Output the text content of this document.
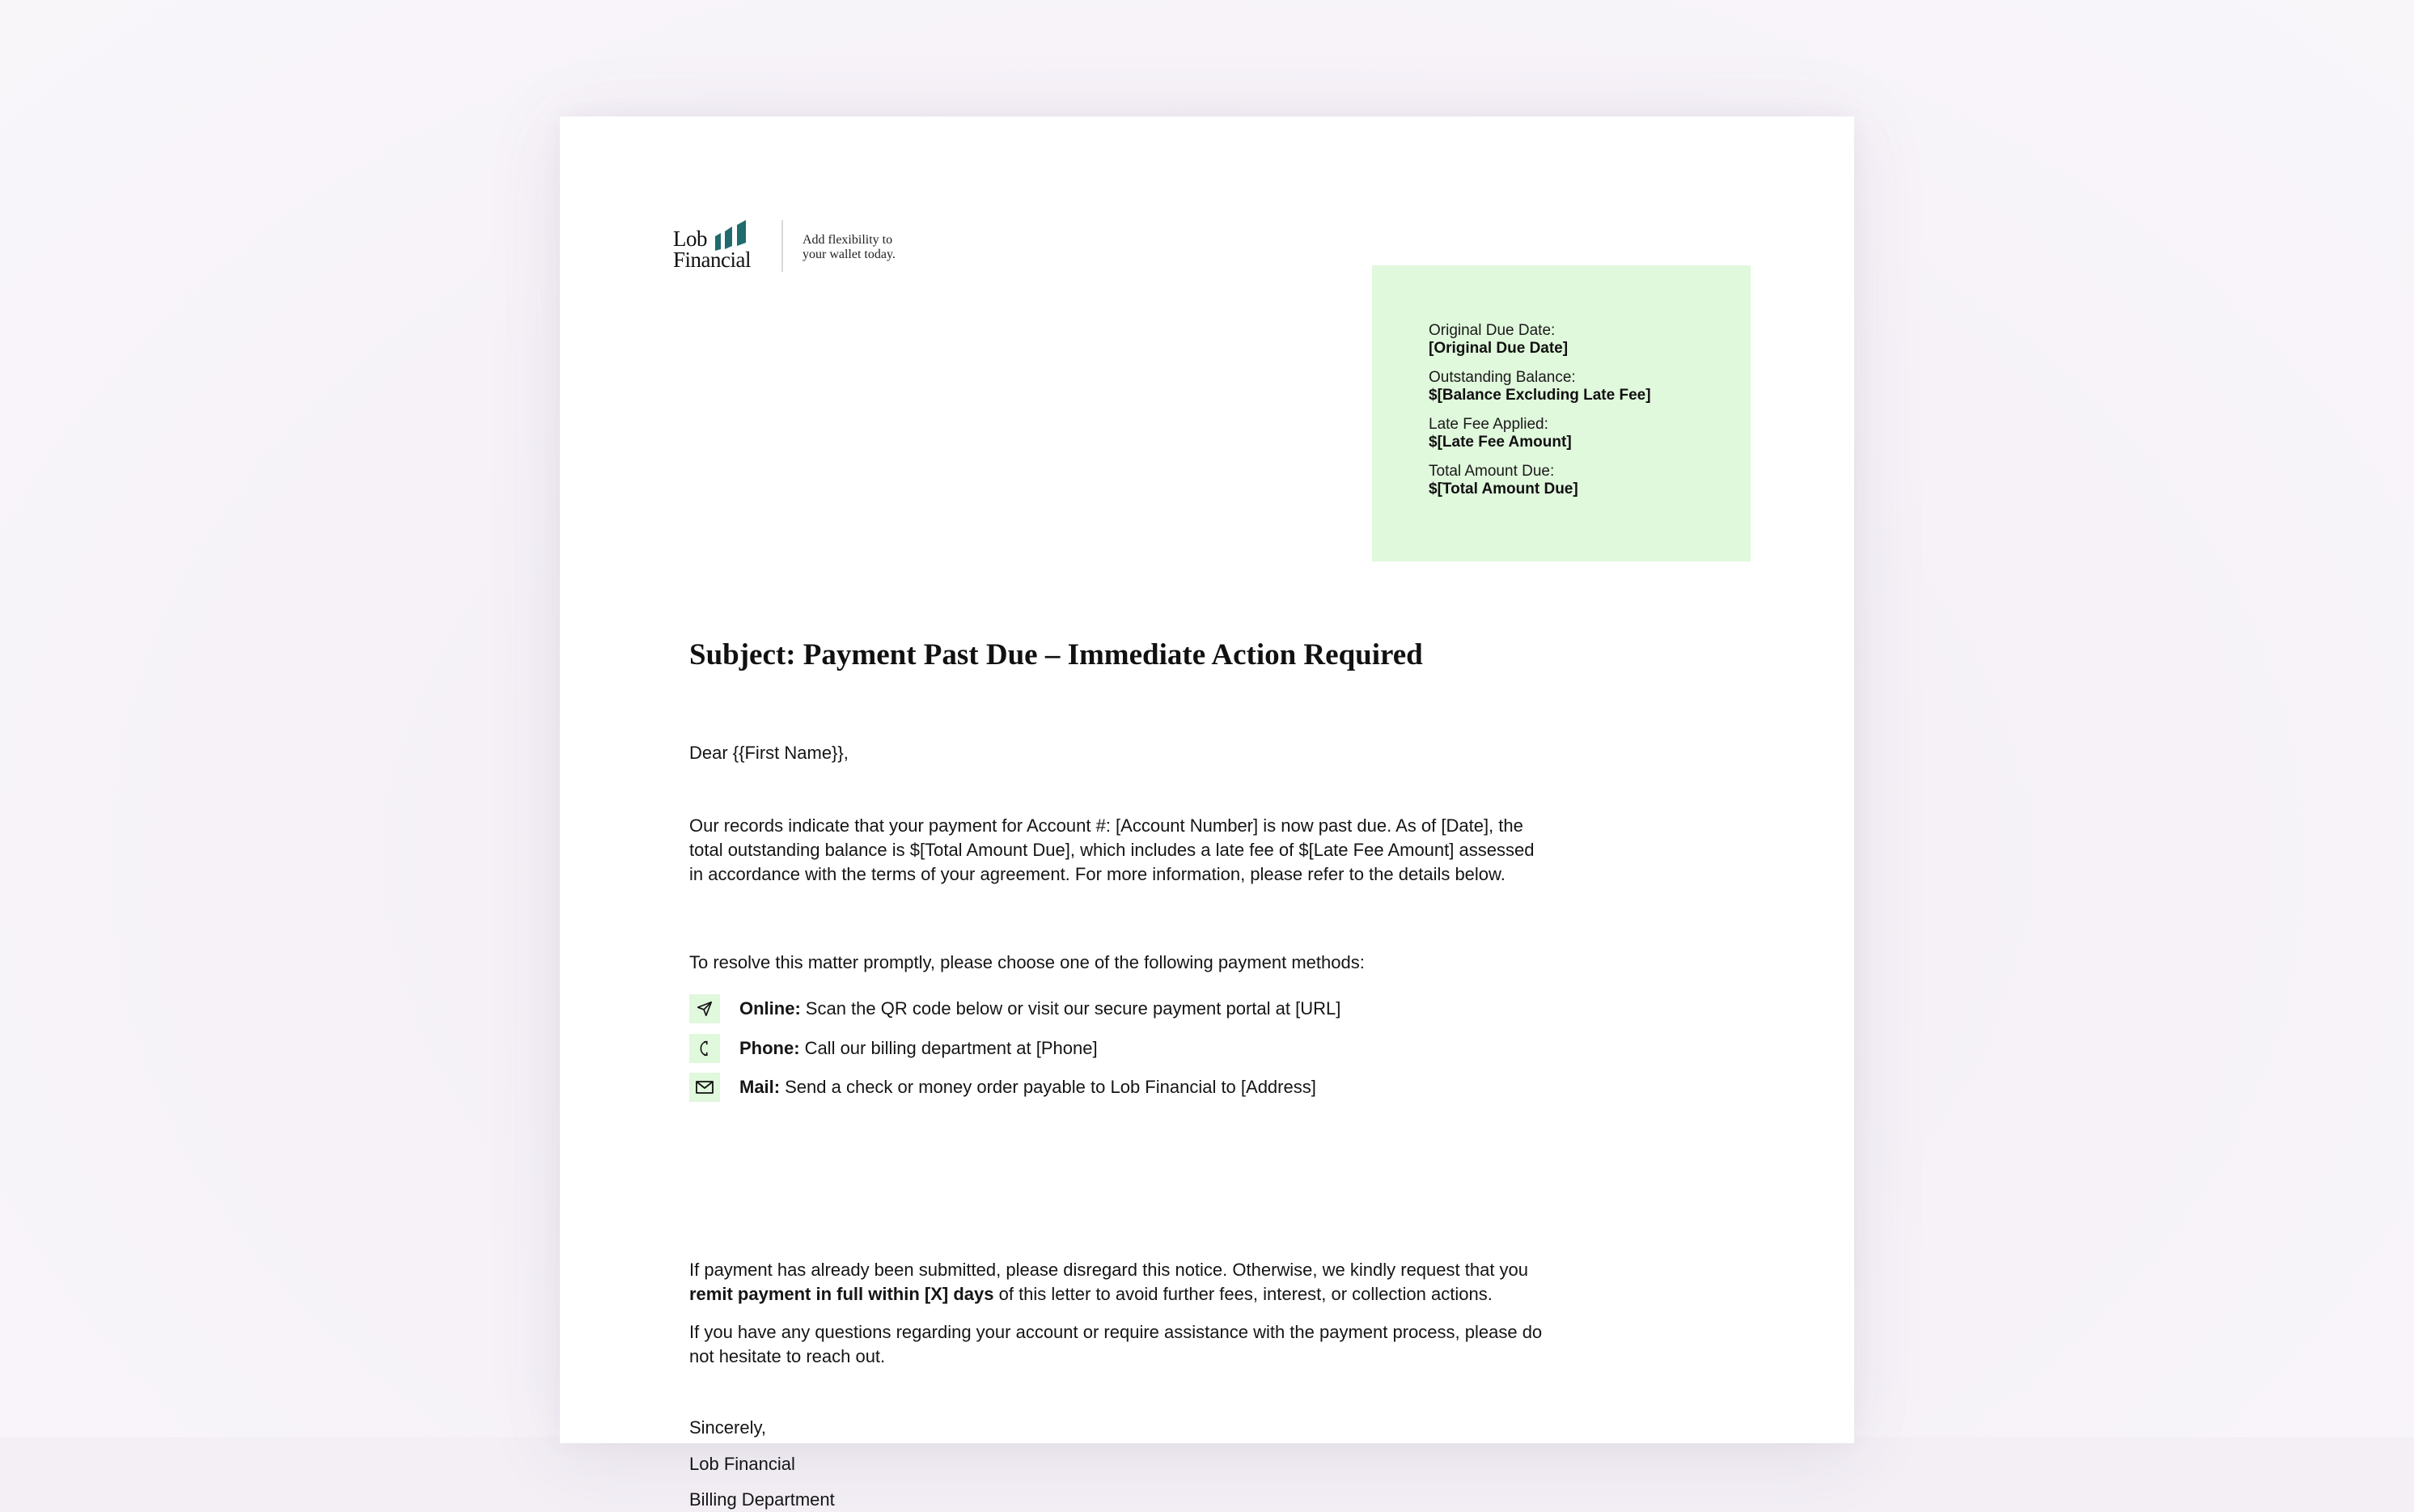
Lob
Financial
Add flexibility to
your wallet today.
Original Due Date:
[Original Due Date]
Outstanding Balance:
$[Balance Excluding Late Fee]
Late Fee Applied:
$[Late Fee Amount]
Total Amount Due:
$[Total Amount Due]
Subject: Payment Past Due – Immediate Action Required
Dear {{First Name}},
Our records indicate that your payment for Account #: [Account Number] is now past due. As of [Date], the
total outstanding balance is $[Total Amount Due], which includes a late fee of $[Late Fee Amount] assessed
in accordance with the terms of your agreement. For more information, please refer to the details below.
To resolve this matter promptly, please choose one of the following payment methods:
Online: Scan the QR code below or visit our secure payment portal at [URL]
Phone: Call our billing department at [Phone]
Mail: Send a check or money order payable to Lob Financial to [Address]
If payment has already been submitted, please disregard this notice. Otherwise, we kindly request that you
remit payment in full within [X] days of this letter to avoid further fees, interest, or collection actions.
If you have any questions regarding your account or require assistance with the payment process, please do
not hesitate to reach out.
Sincerely,
Lob Financial
Billing Department
